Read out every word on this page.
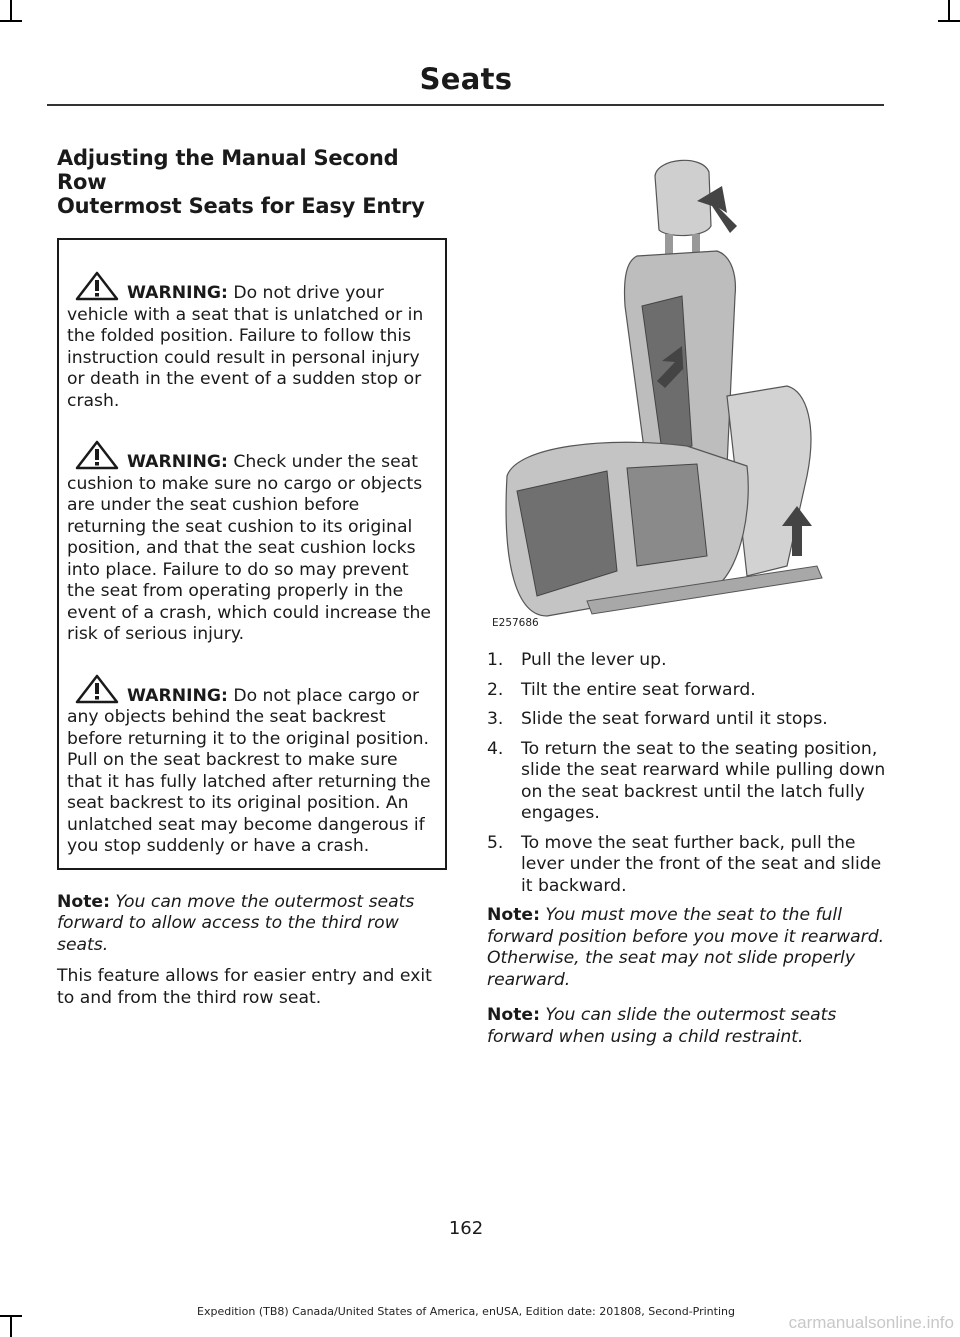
Seats
Adjusting the Manual Second Row
Outermost Seats for Easy Entry

WARNING: Do not drive your vehicle with a seat that is unlatched or in the folded position. Failure to follow this instruction could result in personal injury or death in the event of a sudden stop or crash.

WARNING: Check under the seat cushion to make sure no cargo or objects are under the seat cushion before returning the seat cushion to its original position, and that the seat cushion locks into place. Failure to do so may prevent the seat from operating properly in the event of a crash, which could increase the risk of serious injury.

WARNING: Do not place cargo or any objects behind the seat backrest before returning it to the original position. Pull on the seat backrest to make sure that it has fully latched after returning the seat backrest to its original position. An unlatched seat may become dangerous if you stop suddenly or have a crash.

Note: You can move the outermost seats forward to allow access to the third row seats.

This feature allows for easier entry and exit to and from the third row seat.

E257686
1.	Pull the lever up.
2.	Tilt the entire seat forward.
3.	Slide the seat forward until it stops.
4.	To return the seat to the seating position, slide the seat rearward while pulling down on the seat backrest until the latch fully engages.
5.	To move the seat further back, pull the lever under the front of the seat and slide it backward.

Note: You must move the seat to the full forward position before you move it rearward. Otherwise, the seat may not slide properly rearward.

Note: You can slide the outermost seats forward when using a child restraint.

162
Expedition (TB8) Canada/United States of America, enUSA, Edition date: 201808, Second-Printing
carmanualsonline.info
